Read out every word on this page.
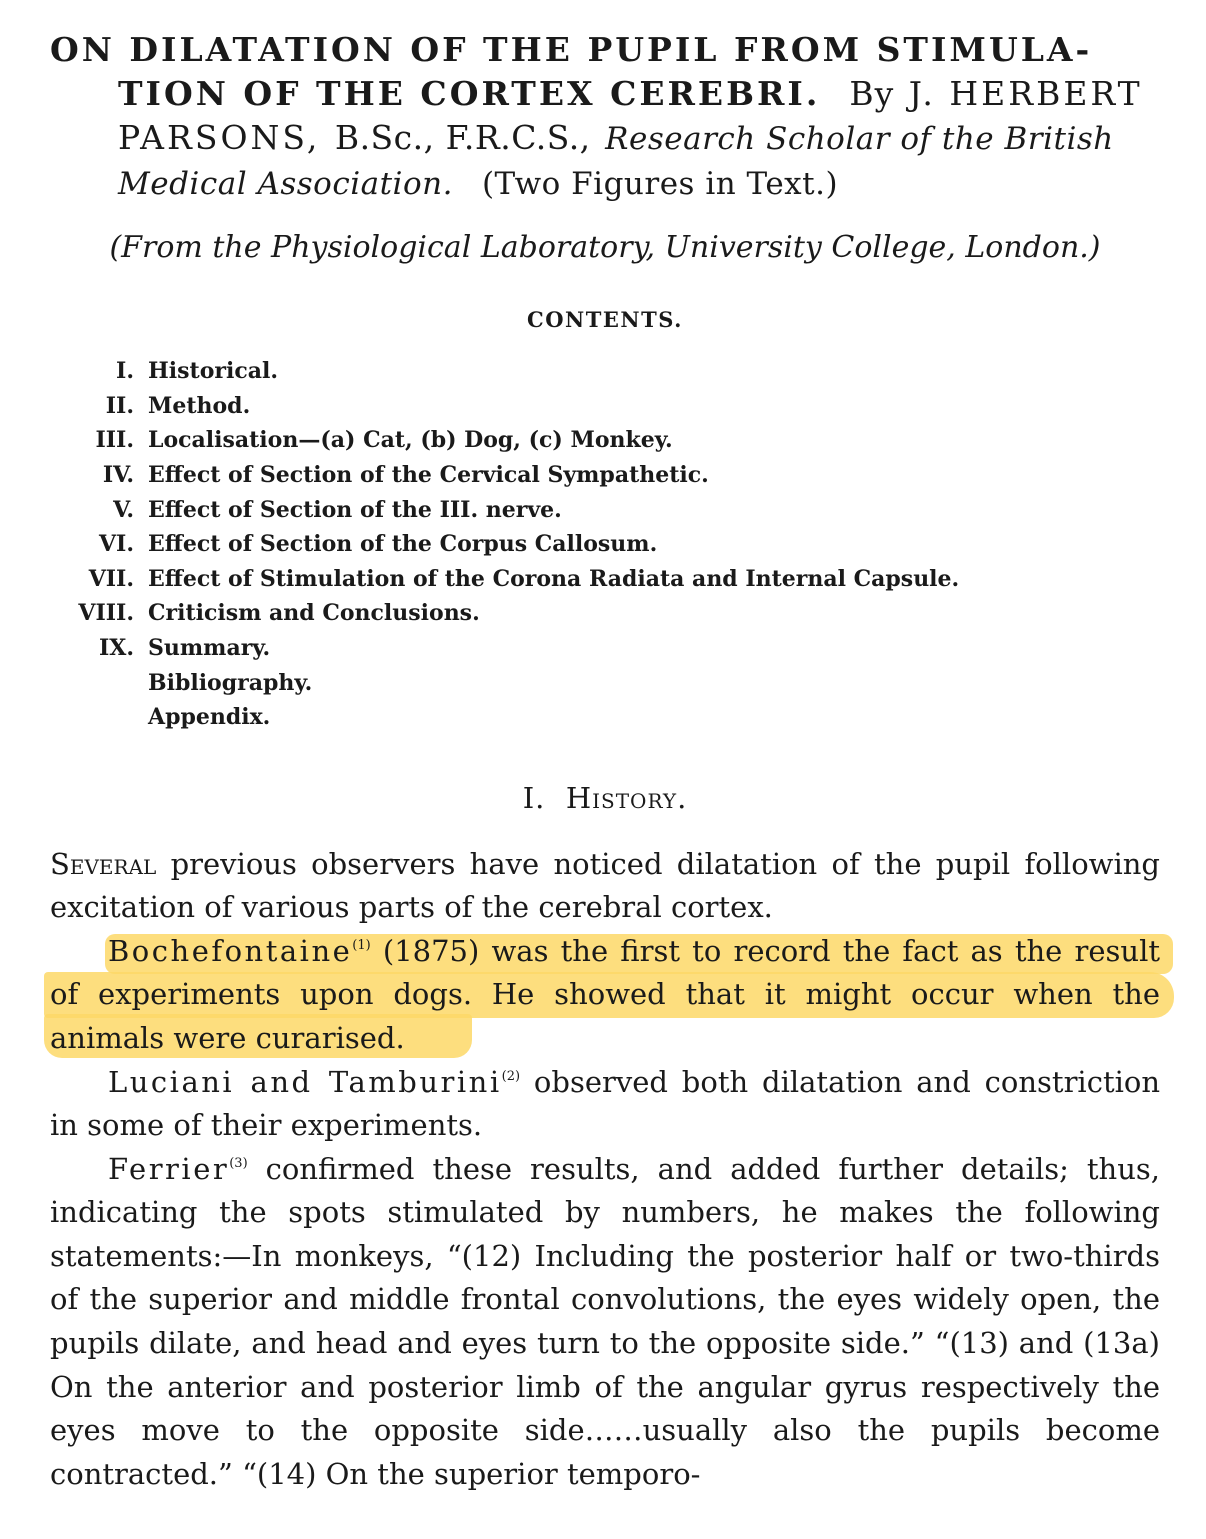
ON DILATATION OF THE PUPIL FROM STIMULA-
TION OF THE CORTEX CEREBRI. By J. HERBERT
PARSONS, B.Sc., F.R.C.S., Research Scholar of the British
Medical Association. (Two Figures in Text.)
(From the Physiological Laboratory, University College, London.)
CONTENTS.
I. Historical.
II. Method.
III. Localisation—(a) Cat, (b) Dog, (c) Monkey.
IV. Effect of Section of the Cervical Sympathetic.
V. Effect of Section of the III. nerve.
VI. Effect of Section of the Corpus Callosum.
VII. Effect of Stimulation of the Corona Radiata and Internal Capsule.
VIII. Criticism and Conclusions.
IX. Summary.
Bibliography.
Appendix.
I. History.

Several previous observers have noticed dilatation of the pupil following excitation of various parts of the cerebral cortex.

Bochefontaine$^{(1)}$ (1875) was the first to record the fact as the result of experiments upon dogs. He showed that it might occur when the animals were curarised.

Luciani and Tamburini$^{(2)}$ observed both dilatation and constriction in some of their experiments.

Ferrier$^{(3)}$ confirmed these results, and added further details; thus, indicating the spots stimulated by numbers, he makes the following statements:—In monkeys, “(12) Including the posterior half or two-thirds of the superior and middle frontal convolutions, the eyes widely open, the pupils dilate, and head and eyes turn to the opposite side.” “(13) and (13a) On the anterior and posterior limb of the angular gyrus respectively the eyes move to the opposite side……usually also the pupils become contracted.” “(14) On the superior temporo-
